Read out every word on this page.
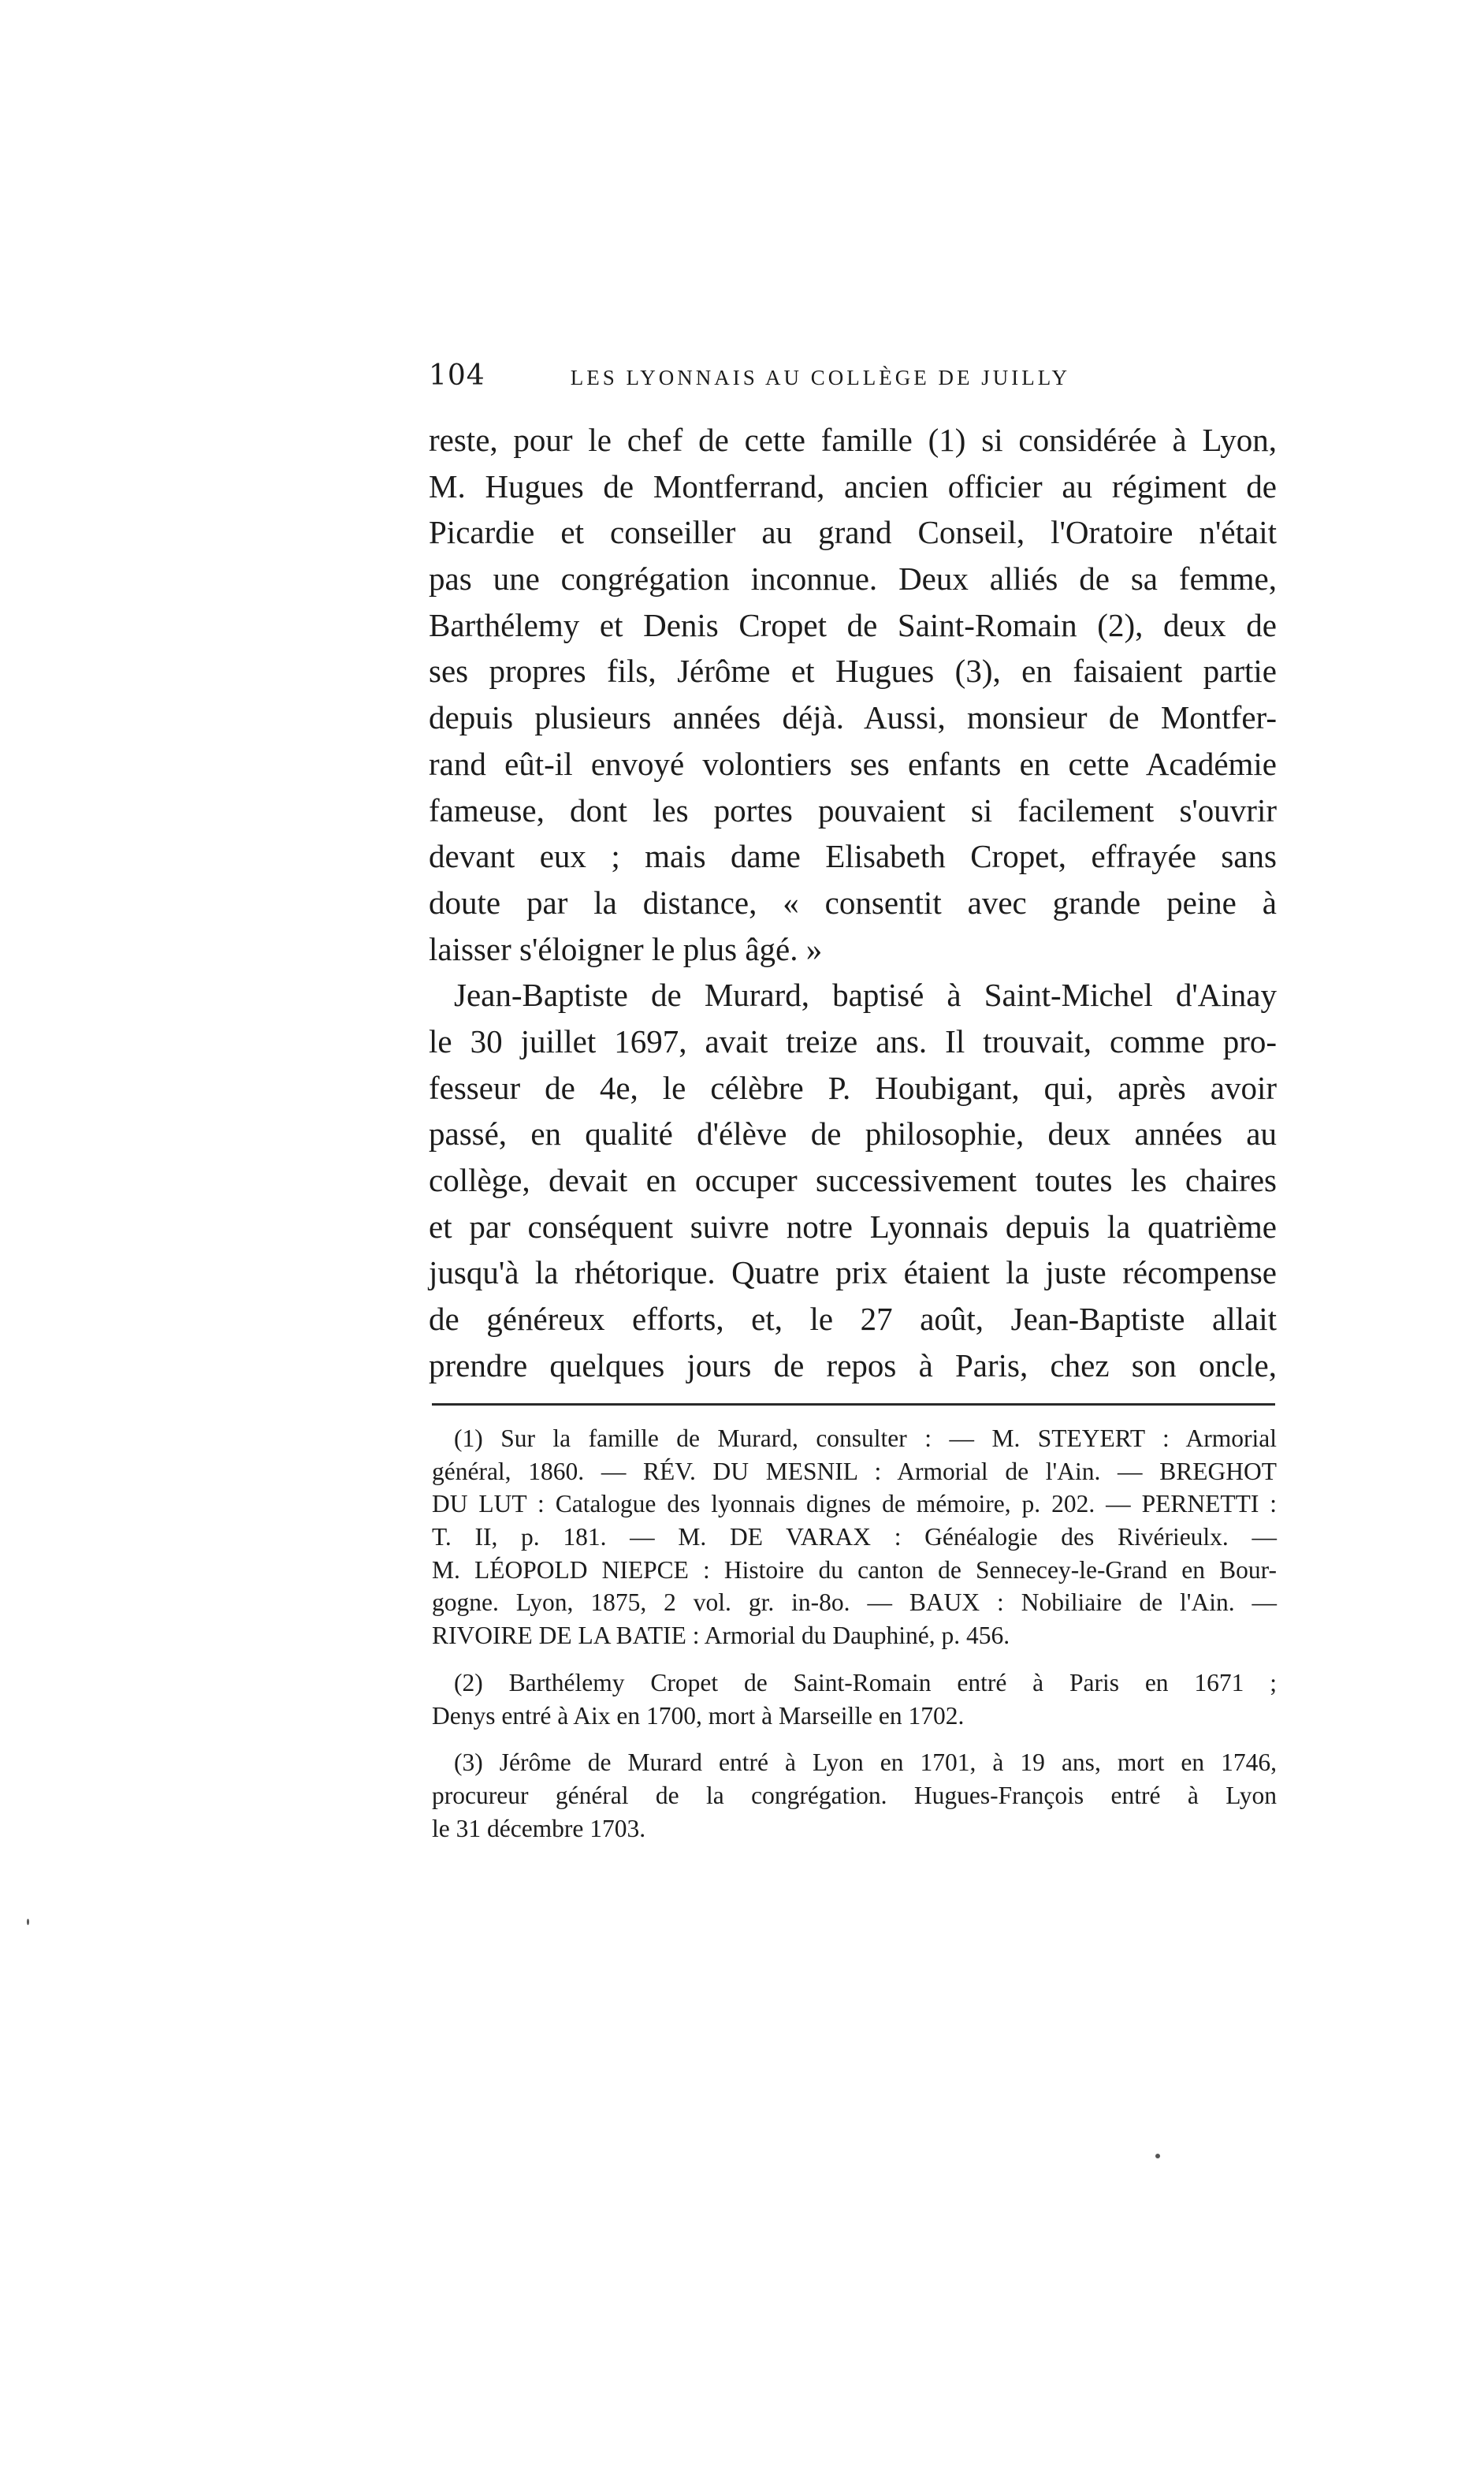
104	LES LYONNAIS AU COLLÈGE DE JUILLY
reste, pour le chef de cette famille (1) si considérée à Lyon,
M. Hugues de Montferrand, ancien officier au régiment de
Picardie et conseiller au grand Conseil, l'Oratoire n'était
pas une congrégation inconnue. Deux alliés de sa femme,
Barthélemy et Denis Cropet de Saint-Romain (2), deux de
ses propres fils, Jérôme et Hugues (3), en faisaient partie
depuis plusieurs années déjà. Aussi, monsieur de Montfer-
rand eût-il envoyé volontiers ses enfants en cette Académie
fameuse, dont les portes pouvaient si facilement s'ouvrir
devant eux ; mais dame Elisabeth Cropet, effrayée sans
doute par la distance, « consentit avec grande peine à
laisser s'éloigner le plus âgé. »
Jean-Baptiste de Murard, baptisé à Saint-Michel d'Ainay
le 30 juillet 1697, avait treize ans. Il trouvait, comme pro-
fesseur de 4e, le célèbre P. Houbigant, qui, après avoir
passé, en qualité d'élève de philosophie, deux années au
collège, devait en occuper successivement toutes les chaires
et par conséquent suivre notre Lyonnais depuis la quatrième
jusqu'à la rhétorique. Quatre prix étaient la juste récompense
de généreux efforts, et, le 27 août, Jean-Baptiste allait
prendre quelques jours de repos à Paris, chez son oncle,
(1) Sur la famille de Murard, consulter : — M. STEYERT : Armorial
général, 1860. — RÉV. DU MESNIL : Armorial de l'Ain. — BREGHOT
DU LUT : Catalogue des lyonnais dignes de mémoire, p. 202. — PERNETTI :
T. II, p. 181. — M. DE VARAX : Généalogie des Rivérieulx. —
M. LÉOPOLD NIEPCE : Histoire du canton de Sennecey-le-Grand en Bour-
gogne. Lyon, 1875, 2 vol. gr. in-8o. — BAUX : Nobiliaire de l'Ain. —
RIVOIRE DE LA BATIE : Armorial du Dauphiné, p. 456.
(2) Barthélemy Cropet de Saint-Romain entré à Paris en 1671 ;
Denys entré à Aix en 1700, mort à Marseille en 1702.
(3) Jérôme de Murard entré à Lyon en 1701, à 19 ans, mort en 1746,
procureur général de la congrégation. Hugues-François entré à Lyon
le 31 décembre 1703.
